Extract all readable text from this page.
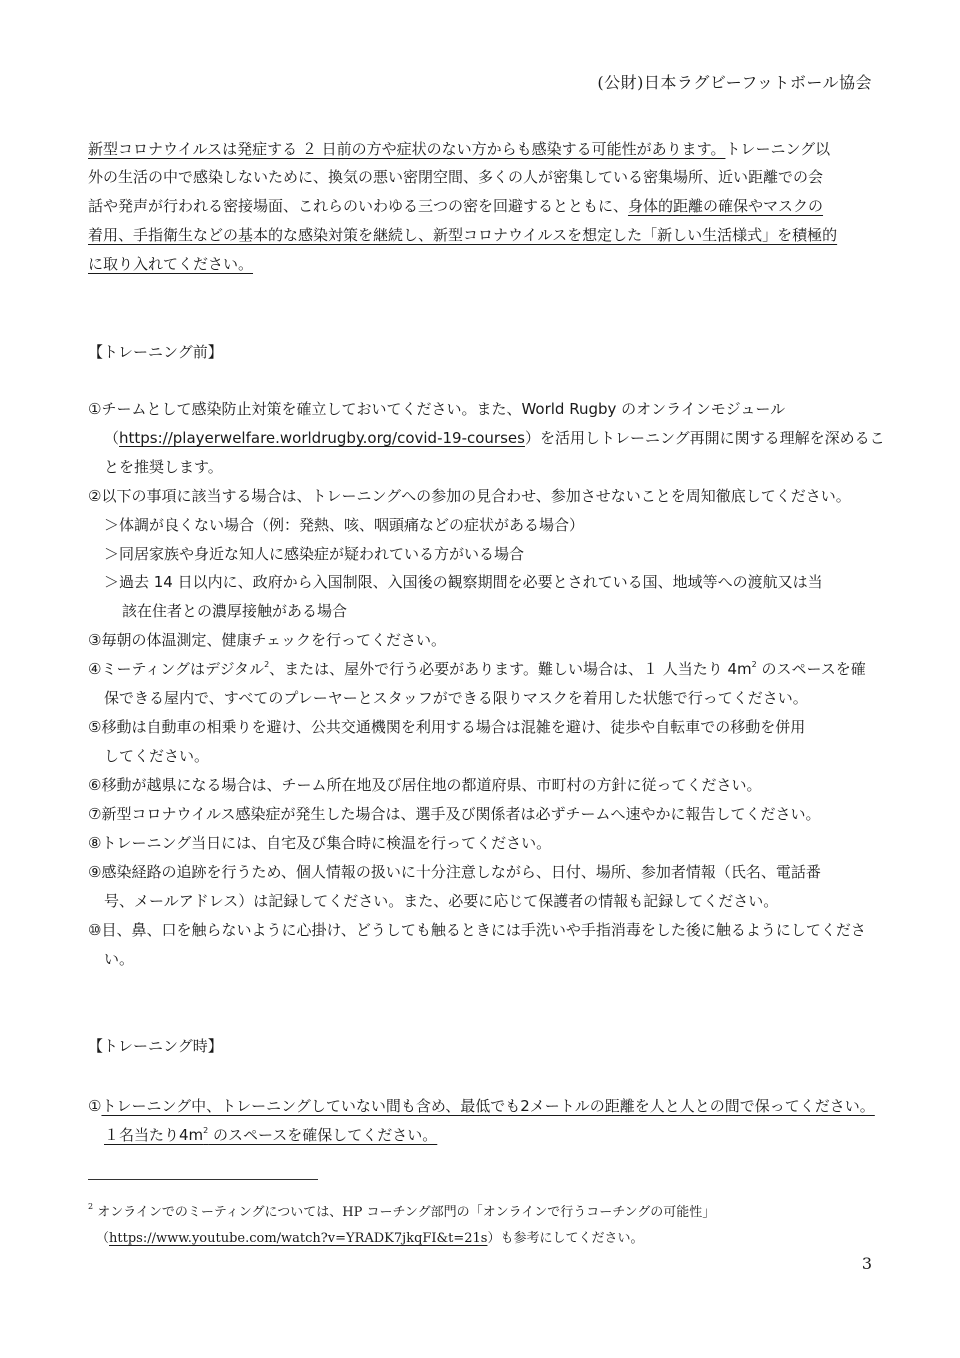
(公財)日本ラグビーフットボール協会
新型コロナウイルスは発症する ２ 日前の方や症状のない方からも感染する可能性があります。トレーニング以
外の生活の中で感染しないために、換気の悪い密閉空間、多くの人が密集している密集場所、近い距離での会
話や発声が行われる密接場面、これらのいわゆる三つの密を回避するとともに、身体的距離の確保やマスクの
着用、手指衛生などの基本的な感染対策を継続し、新型コロナウイルスを想定した「新しい生活様式」を積極的
に取り入れてください。
【トレーニング前】
①チームとして感染防止対策を確立しておいてください。また、World Rugby のオンラインモジュール
（https://playerwelfare.worldrugby.org/covid-19-courses）を活用しトレーニング再開に関する理解を深めるこ
とを推奨します。
②以下の事項に該当する場合は、トレーニングへの参加の見合わせ、参加させないことを周知徹底してください。
＞体調が良くない場合（例：発熱、咳、咽頭痛などの症状がある場合）
＞同居家族や身近な知人に感染症が疑われている方がいる場合
＞過去 14 日以内に、政府から入国制限、入国後の観察期間を必要とされている国、地域等への渡航又は当
該在住者との濃厚接触がある場合
③毎朝の体温測定、健康チェックを行ってください。
④ミーティングはデジタル$^2$、または、屋外で行う必要があります。難しい場合は、１ 人当たり $4m^2$ のスペースを確
保できる屋内で、すべてのプレーヤーとスタッフができる限りマスクを着用した状態で行ってください。
⑤移動は自動車の相乗りを避け、公共交通機関を利用する場合は混雑を避け、徒歩や自転車での移動を併用
してください。
⑥移動が越県になる場合は、チーム所在地及び居住地の都道府県、市町村の方針に従ってください。
⑦新型コロナウイルス感染症が発生した場合は、選手及び関係者は必ずチームへ速やかに報告してください。
⑧トレーニング当日には、自宅及び集合時に検温を行ってください。
⑨感染経路の追跡を行うため、個人情報の扱いに十分注意しながら、日付、場所、参加者情報（氏名、電話番
号、メールアドレス）は記録してください。また、必要に応じて保護者の情報も記録してください。
⑩目、鼻、口を触らないように心掛け、どうしても触るときには手洗いや手指消毒をした後に触るようにしてくださ
い。
【トレーニング時】
①トレーニング中、トレーニングしていない間も含め、最低でも2メートルの距離を人と人との間で保ってください。
１名当たり$4m^2$ のスペースを確保してください。
$^2$ オンラインでのミーティングについては、HP コーチング部門の「オンラインで行うコーチングの可能性」
（https://www.youtube.com/watch?v=YRADK7jkqFI&t=21s）も参考にしてください。
3
